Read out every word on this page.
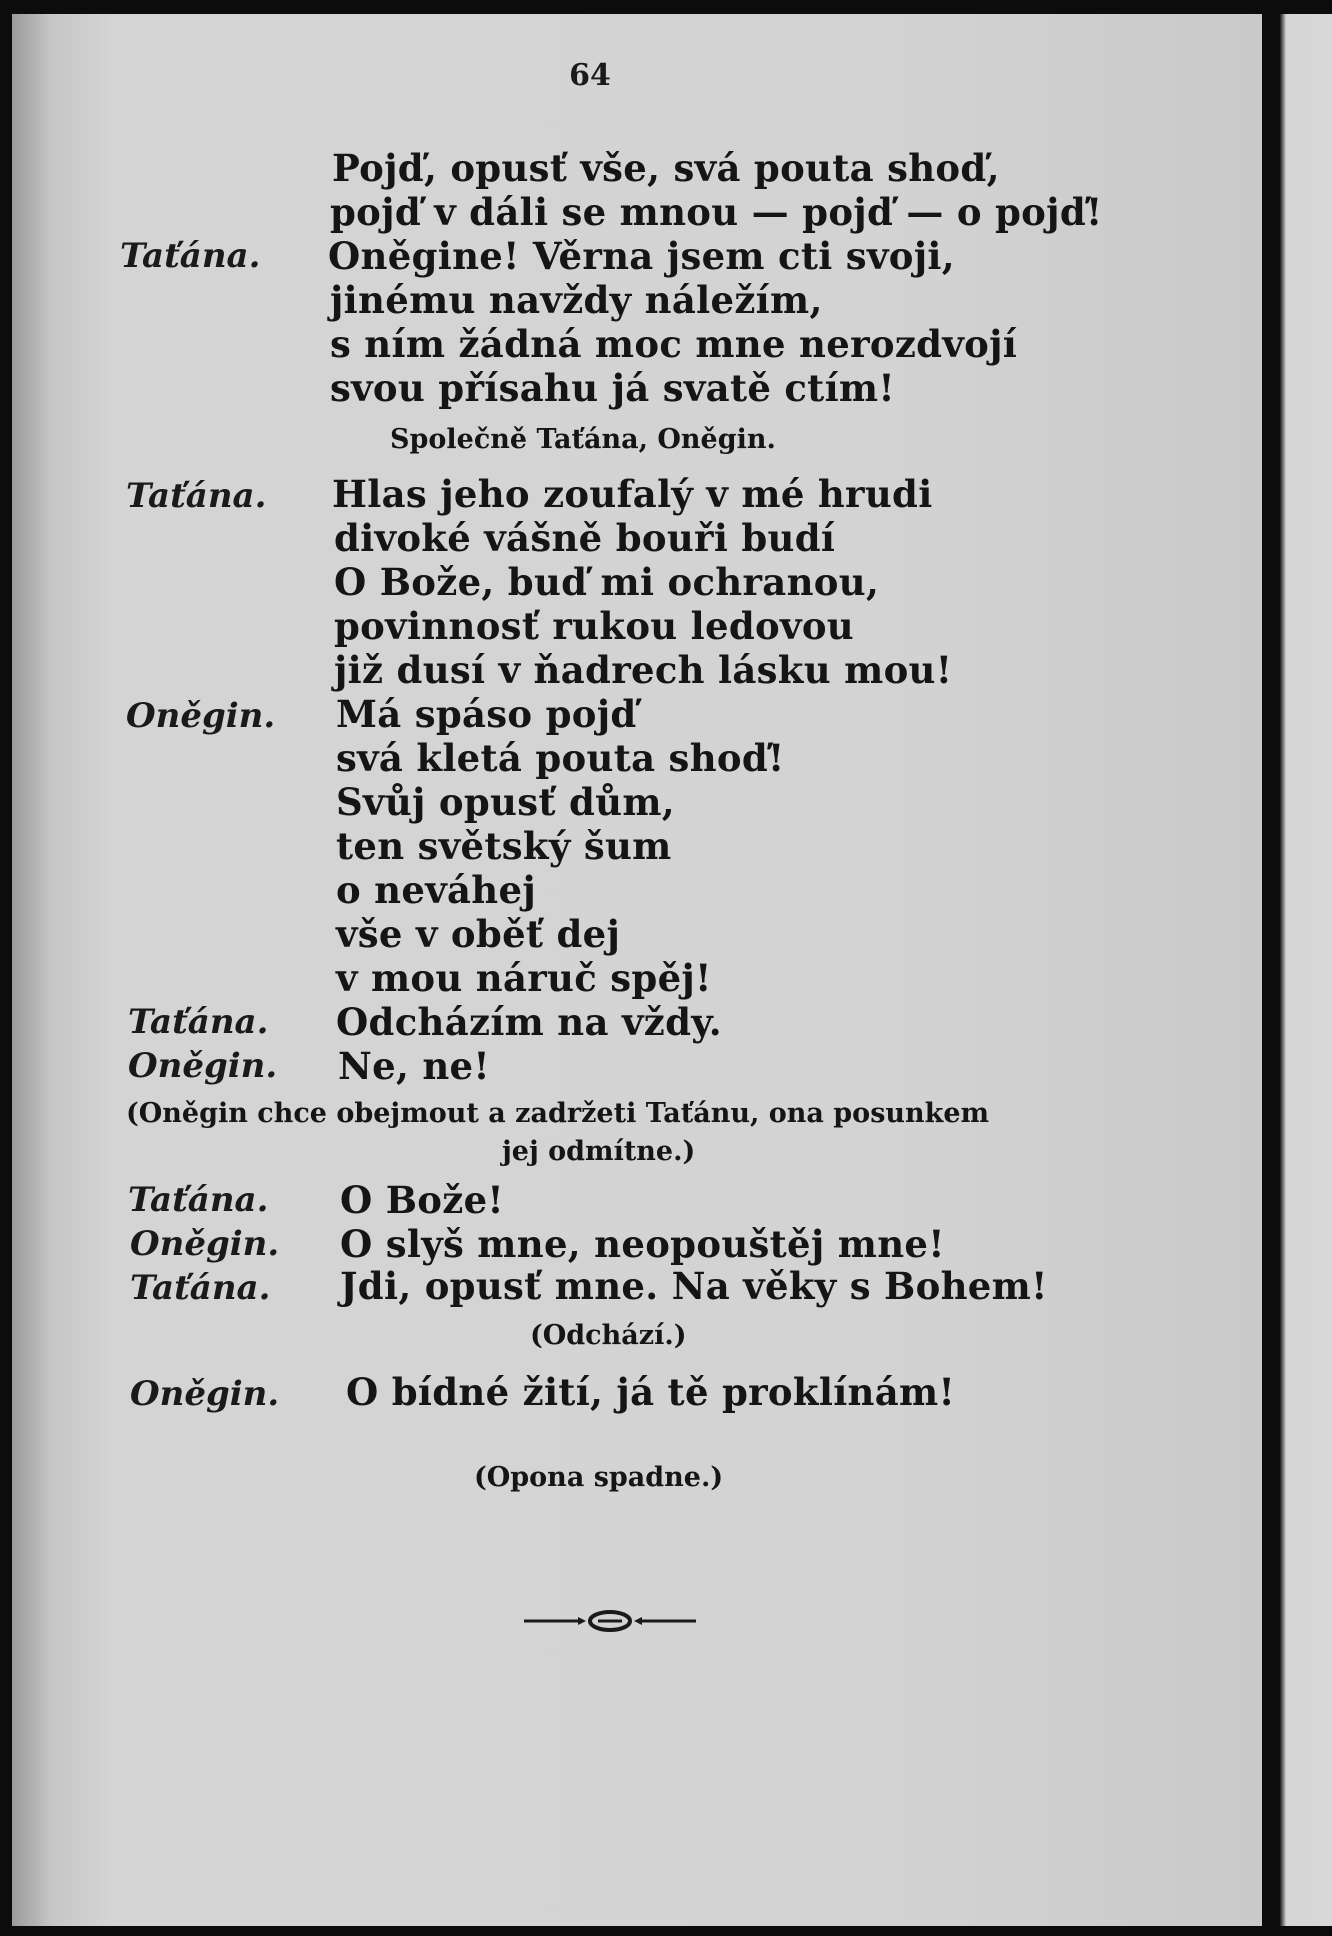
64
Pojď, opusť vše, svá pouta shoď,
pojď v dáli se mnou — pojď — o pojď!
Taťána. Oněgine! Věrna jsem cti svoji,
jinému navždy náležím,
s ním žádná moc mne nerozdvojí
svou přísahu já svatě ctím!
Společně Taťána, Oněgin.
Taťána. Hlas jeho zoufalý v mé hrudi
divoké vášně bouři budí
O Bože, buď mi ochranou,
povinnosť rukou ledovou
již dusí v ňadrech lásku mou!
Oněgin. Má spáso pojď
svá kletá pouta shoď!
Svůj opusť dům,
ten světský šum
o neváhej
vše v oběť dej
v mou náruč spěj!
Taťána. Odcházím na vždy.
Oněgin. Ne, ne!
(Oněgin chce obejmout a zadržeti Taťánu, ona posunkem
jej odmítne.)
Taťána. O Bože!
Oněgin. O slyš mne, neopouštěj mne!
Taťána. Jdi, opusť mne. Na věky s Bohem!
(Odchází.)
Oněgin. O bídné žití, já tě proklínám!
(Opona spadne.)
